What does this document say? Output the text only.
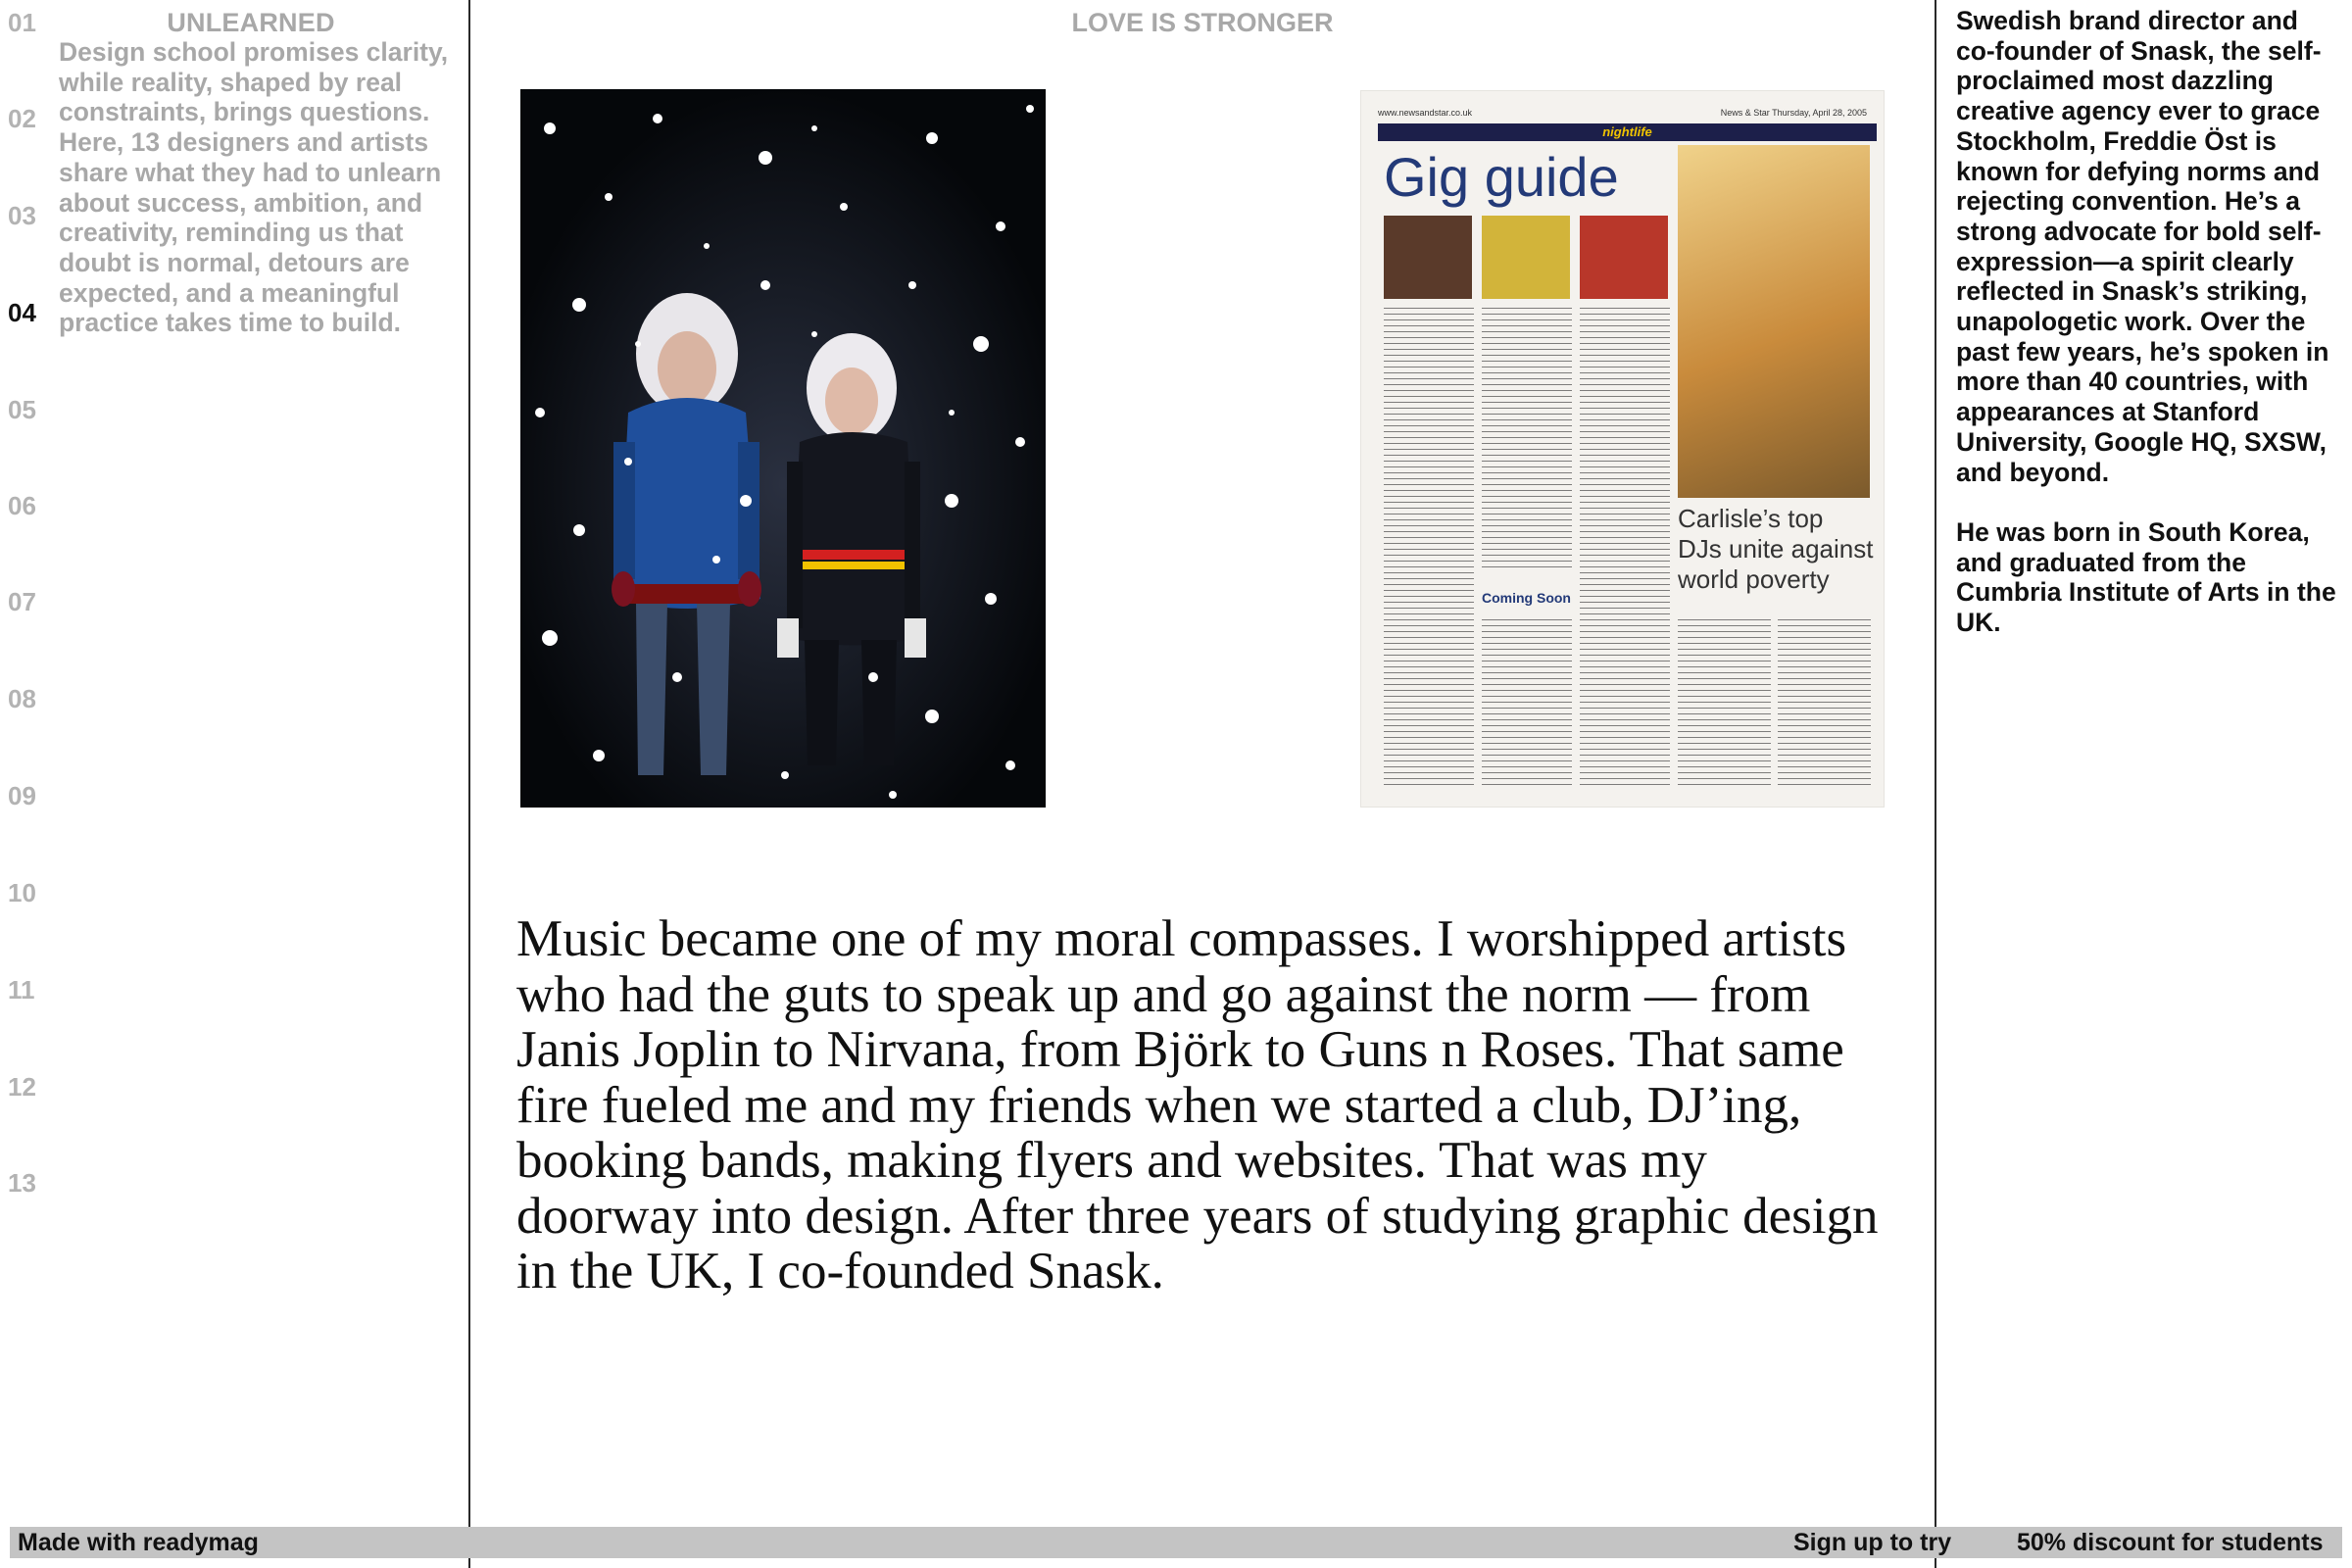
01
02
03
04
05
06
07
08
09
10
11
12
13
UNLEARNED
Design school promises clarity, while reality, shaped by real constraints, brings questions. Here, 13 designers and artists share what they had to unlearn about success, ambition, and creativity, reminding us that doubt is normal, detours are expected, and a meaningful practice takes time to build.
LOVE IS STRONGER
www.newsandstar.co.uk	News & Star Thursday, April 28, 2005
nightlife
Gig guide
Coming Soon
Carlisle’s top DJs unite against world poverty

Music became one of my moral compasses. I worshipped artists who had the guts to speak up and go against the norm — from Janis Joplin to Nirvana, from Björk to Guns n Roses. That same fire fueled me and my friends when we started a club, DJ’ing, booking bands, making flyers and websites. That was my doorway into design. After three years of studying graphic design in the UK, I co-founded Snask.

Swedish brand director and co-founder of Snask, the self-proclaimed most dazzling creative agency ever to grace Stockholm, Freddie Öst is known for defying norms and rejecting convention. He’s a strong advocate for bold self-expression—a spirit clearly reflected in Snask’s striking, unapologetic work. Over the past few years, he’s spoken in more than 40 countries, with appearances at Stanford University, Google HQ, SXSW, and beyond.

He was born in South Korea, and graduated from the Cumbria Institute of Arts in the UK.

Made with readymag	Sign up to try	50% discount for students
